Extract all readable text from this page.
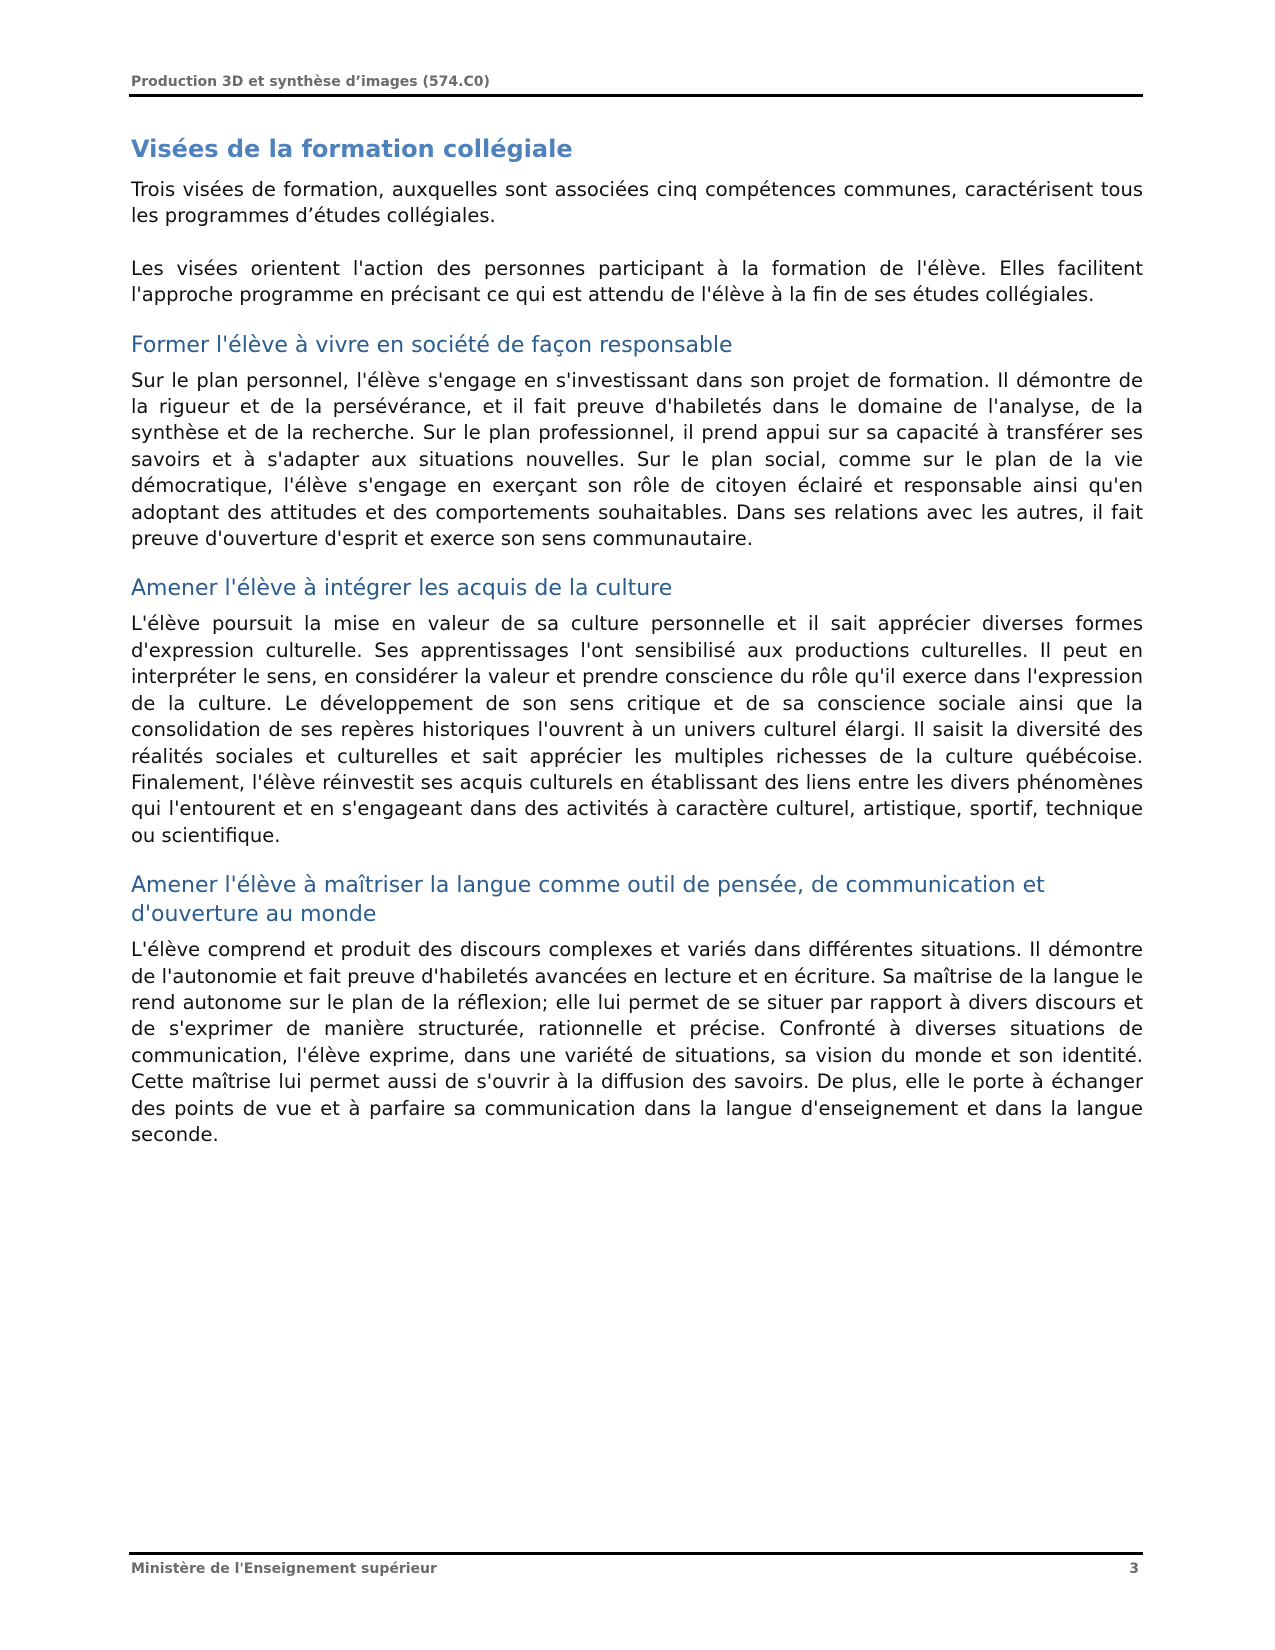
Production 3D et synthèse d’images (574.C0)
Visées de la formation collégiale

Trois visées de formation, auxquelles sont associées cinq compétences communes, caractérisent tous les programmes d’études collégiales.

Les visées orientent l'action des personnes participant à la formation de l'élève. Elles facilitent l'approche programme en précisant ce qui est attendu de l'élève à la fin de ses études collégiales.

Former l'élève à vivre en société de façon responsable

Sur le plan personnel, l'élève s'engage en s'investissant dans son projet de formation. Il démontre de la rigueur et de la persévérance, et il fait preuve d'habiletés dans le domaine de l'analyse, de la synthèse et de la recherche. Sur le plan professionnel, il prend appui sur sa capacité à transférer ses savoirs et à s'adapter aux situations nouvelles. Sur le plan social, comme sur le plan de la vie démocratique, l'élève s'engage en exerçant son rôle de citoyen éclairé et responsable ainsi qu'en adoptant des attitudes et des comportements souhaitables. Dans ses relations avec les autres, il fait preuve d'ouverture d'esprit et exerce son sens communautaire.

Amener l'élève à intégrer les acquis de la culture

L'élève poursuit la mise en valeur de sa culture personnelle et il sait apprécier diverses formes d'expression culturelle. Ses apprentissages l'ont sensibilisé aux productions culturelles. Il peut en interpréter le sens, en considérer la valeur et prendre conscience du rôle qu'il exerce dans l'expression de la culture. Le développement de son sens critique et de sa conscience sociale ainsi que la consolidation de ses repères historiques l'ouvrent à un univers culturel élargi. Il saisit la diversité des réalités sociales et culturelles et sait apprécier les multiples richesses de la culture québécoise. Finalement, l'élève réinvestit ses acquis culturels en établissant des liens entre les divers phénomènes qui l'entourent et en s'engageant dans des activités à caractère culturel, artistique, sportif, technique ou scientifique.

Amener l'élève à maîtriser la langue comme outil de pensée, de communication et d'ouverture au monde

L'élève comprend et produit des discours complexes et variés dans différentes situations. Il démontre de l'autonomie et fait preuve d'habiletés avancées en lecture et en écriture. Sa maîtrise de la langue le rend autonome sur le plan de la réflexion; elle lui permet de se situer par rapport à divers discours et de s'exprimer de manière structurée, rationnelle et précise. Confronté à diverses situations de communication, l'élève exprime, dans une variété de situations, sa vision du monde et son identité. Cette maîtrise lui permet aussi de s'ouvrir à la diffusion des savoirs. De plus, elle le porte à échanger des points de vue et à parfaire sa communication dans la langue d'enseignement et dans la langue seconde.

Ministère de l'Enseignement supérieur	3
